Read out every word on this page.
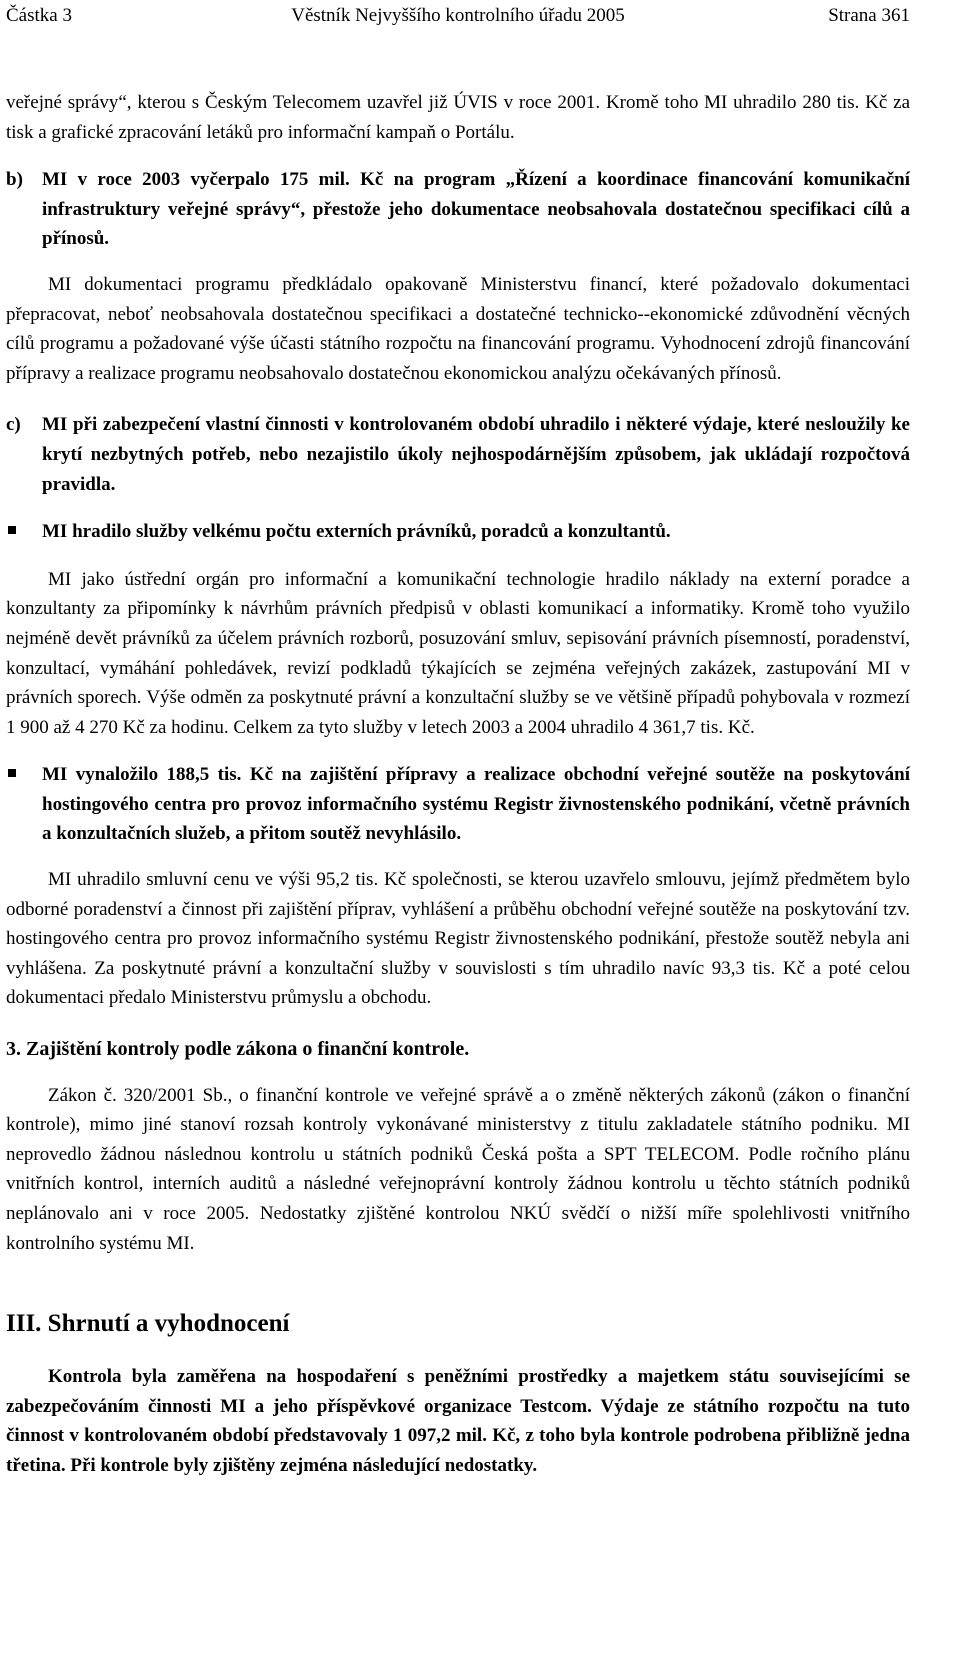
Částka 3	Věstník Nejvyššího kontrolního úřadu 2005	Strana 361

veřejné správy“, kterou s Českým Telecomem uzavřel již ÚVIS v roce 2001. Kromě toho MI uhradilo 280 tis. Kč za tisk a grafické zpracování letáků pro informační kampaň o Portálu.

b) MI v roce 2003 vyčerpalo 175 mil. Kč na program „Řízení a koordinace financování komunikační infrastruktury veřejné správy“, přestože jeho dokumentace neobsahovala dostatečnou specifikaci cílů a přínosů.

MI dokumentaci programu předkládalo opakovaně Ministerstvu financí, které požadovalo dokumentaci přepracovat, neboť neobsahovala dostatečnou specifikaci a dostatečné technicko--ekonomické zdůvodnění věcných cílů programu a požadované výše účasti státního rozpočtu na financování programu. Vyhodnocení zdrojů financování přípravy a realizace programu neobsahovalo dostatečnou ekonomickou analýzu očekávaných přínosů.

c) MI při zabezpečení vlastní činnosti v kontrolovaném období uhradilo i některé výdaje, které nesloužily ke krytí nezbytných potřeb, nebo nezajistilo úkoly nejhospodárnějším způsobem, jak ukládají rozpočtová pravidla.
MI hradilo služby velkému počtu externích právníků, poradců a konzultantů.

MI jako ústřední orgán pro informační a komunikační technologie hradilo náklady na externí poradce a konzultanty za připomínky k návrhům právních předpisů v oblasti komunikací a informatiky. Kromě toho využilo nejméně devět právníků za účelem právních rozborů, posuzování smluv, sepisování právních písemností, poradenství, konzultací, vymáhání pohledávek, revizí podkladů týkajících se zejména veřejných zakázek, zastupování MI v právních sporech. Výše odměn za poskytnuté právní a konzultační služby se ve většině případů pohybovala v rozmezí 1 900 až 4 270 Kč za hodinu. Celkem za tyto služby v letech 2003 a 2004 uhradilo 4 361,7 tis. Kč.

MI vynaložilo 188,5 tis. Kč na zajištění přípravy a realizace obchodní veřejné soutěže na poskytování hostingového centra pro provoz informačního systému Registr živnostenského podnikání, včetně právních a konzultačních služeb, a přitom soutěž nevyhlásilo.

MI uhradilo smluvní cenu ve výši 95,2 tis. Kč společnosti, se kterou uzavřelo smlouvu, jejímž předmětem bylo odborné poradenství a činnost při zajištění příprav, vyhlášení a průběhu obchodní veřejné soutěže na poskytování tzv. hostingového centra pro provoz informačního systému Registr živnostenského podnikání, přestože soutěž nebyla ani vyhlášena. Za poskytnuté právní a konzultační služby v souvislosti s tím uhradilo navíc 93,3 tis. Kč a poté celou dokumentaci předalo Ministerstvu průmyslu a obchodu.

3. Zajištění kontroly podle zákona o finanční kontrole.

Zákon č. 320/2001 Sb., o finanční kontrole ve veřejné správě a o změně některých zákonů (zákon o finanční kontrole), mimo jiné stanoví rozsah kontroly vykonávané ministerstvy z titulu zakladatele státního podniku. MI neprovedlo žádnou následnou kontrolu u státních podniků Česká pošta a SPT TELECOM. Podle ročního plánu vnitřních kontrol, interních auditů a následné veřejnoprávní kontroly žádnou kontrolu u těchto státních podniků neplánovalo ani v roce 2005. Nedostatky zjištěné kontrolou NKÚ svědčí o nižší míře spolehlivosti vnitřního kontrolního systému MI.

III. Shrnutí a vyhodnocení

Kontrola byla zaměřena na hospodaření s peněžními prostředky a majetkem státu souvisejícími se zabezpečováním činnosti MI a jeho příspěvkové organizace Testcom. Výdaje ze státního rozpočtu na tuto činnost v kontrolovaném období představovaly 1 097,2 mil. Kč, z toho byla kontrole podrobena přibližně jedna třetina. Při kontrole byly zjištěny zejména následující nedostatky.
